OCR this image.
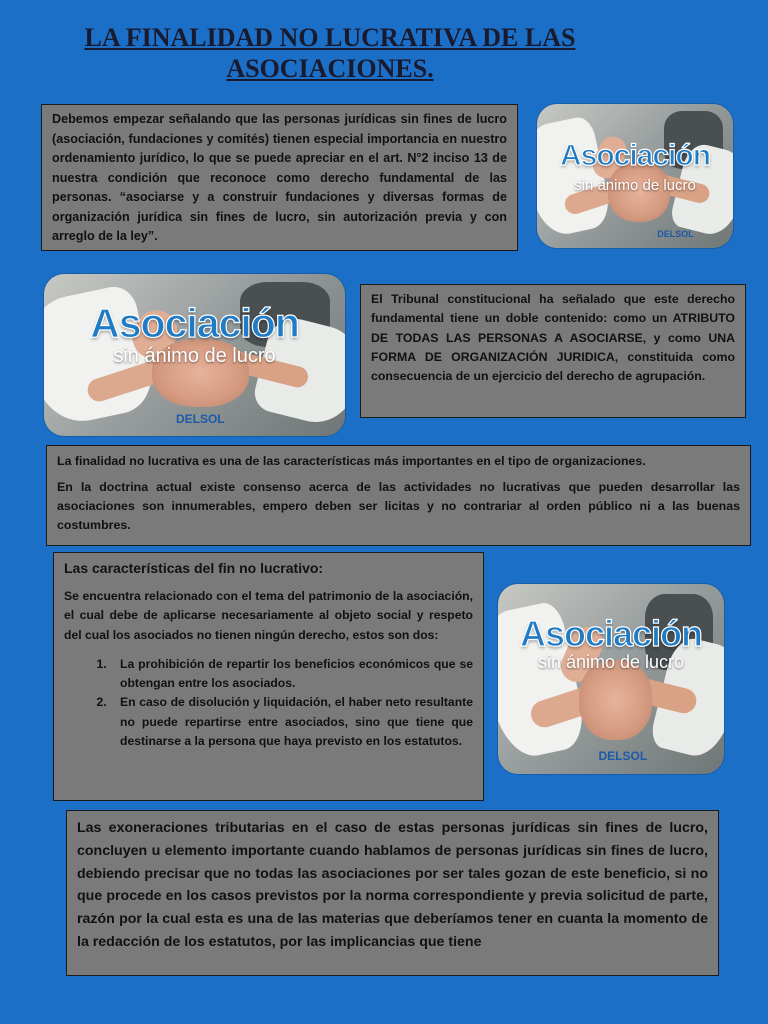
LA FINALIDAD NO LUCRATIVA DE LAS ASOCIACIONES.

Debemos empezar señalando que las personas jurídicas sin fines de lucro (asociación, fundaciones y comités) tienen especial importancia en nuestro ordenamiento jurídico, lo que se puede apreciar en el art. N°2 inciso 13 de nuestra condición que reconoce como derecho fundamental de las personas. “asociarse y a construir fundaciones y diversas formas de organización jurídica sin fines de lucro, sin autorización previa y con arreglo de la ley”.

Asociación
sin ánimo de lucro
DELSOL
Asociación
sin ánimo de lucro
DELSOL

El Tribunal constitucional ha señalado que este derecho fundamental tiene un doble contenido: como un ATRIBUTO DE TODAS LAS PERSONAS A ASOCIARSE, y como UNA FORMA DE ORGANIZACIÓN JURIDICA, constituida como consecuencia de un ejercicio del derecho de agrupación.

La finalidad no lucrativa es una de las características más importantes en el tipo de organizaciones.

En la doctrina actual existe consenso acerca de las actividades no lucrativas que pueden desarrollar las asociaciones son innumerables, empero deben ser licitas y no contrariar al orden público ni a las buenas costumbres.

Las características del fin no lucrativo:

Se encuentra relacionado con el tema del patrimonio de la asociación, el cual debe de aplicarse necesariamente al objeto social y respeto del cual los asociados no tienen ningún derecho, estos son dos:

1. La prohibición de repartir los beneficios económicos que se obtengan entre los asociados.
2. En caso de disolución y liquidación, el haber neto resultante no puede repartirse entre asociados, sino que tiene que destinarse a la persona que haya previsto en los estatutos.
Asociación
sin ánimo de lucro
DELSOL

Las exoneraciones tributarias en el caso de estas personas jurídicas sin fines de lucro, concluyen u elemento importante cuando hablamos de personas jurídicas sin fines de lucro, debiendo precisar que no todas las asociaciones por ser tales gozan de este beneficio, si no que procede en los casos previstos por la norma correspondiente y previa solicitud de parte, razón por la cual esta es una de las materias que deberíamos tener en cuanta la momento de la redacción de los estatutos, por las implicancias que tiene
